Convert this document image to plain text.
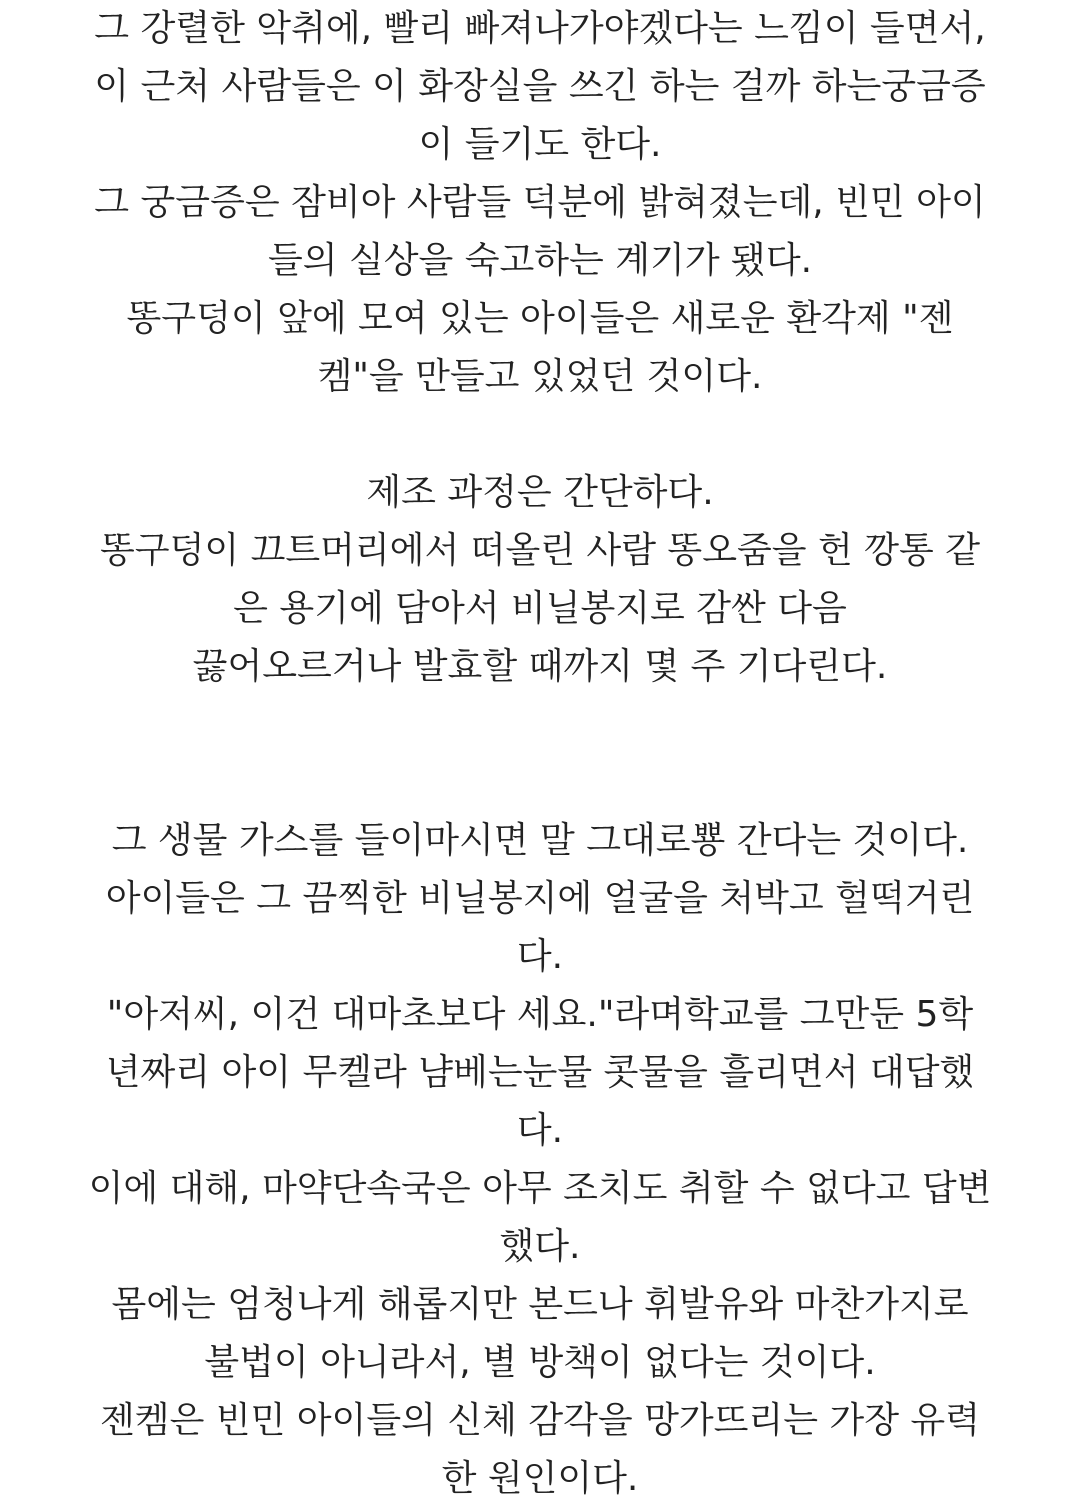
그 강렬한 악취에, 빨리 빠져나가야겠다는 느낌이 들면서,
이 근처 사람들은 이 화장실을 쓰긴 하는 걸까 하는궁금증
이 들기도 한다.
그 궁금증은 잠비아 사람들 덕분에 밝혀졌는데, 빈민 아이
들의 실상을 숙고하는 계기가 됐다.
똥구덩이 앞에 모여 있는 아이들은 새로운 환각제 "젠
켐"을 만들고 있었던 것이다.
제조 과정은 간단하다.
똥구덩이 끄트머리에서 떠올린 사람 똥오줌을 헌 깡통 같
은 용기에 담아서 비닐봉지로 감싼 다음
끓어오르거나 발효할 때까지 몇 주 기다린다.
그 생물 가스를 들이마시면 말 그대로뿅 간다는 것이다.
아이들은 그 끔찍한 비닐봉지에 얼굴을 처박고 헐떡거린
다.
"아저씨, 이건 대마초보다 세요."라며학교를 그만둔 5학
년짜리 아이 무켈라 냠베는눈물 콧물을 흘리면서 대답했
다.
이에 대해, 마약단속국은 아무 조치도 취할 수 없다고 답변
했다.
몸에는 엄청나게 해롭지만 본드나 휘발유와 마찬가지로
불법이 아니라서, 별 방책이 없다는 것이다.
젠켐은 빈민 아이들의 신체 감각을 망가뜨리는 가장 유력
한 원인이다.
